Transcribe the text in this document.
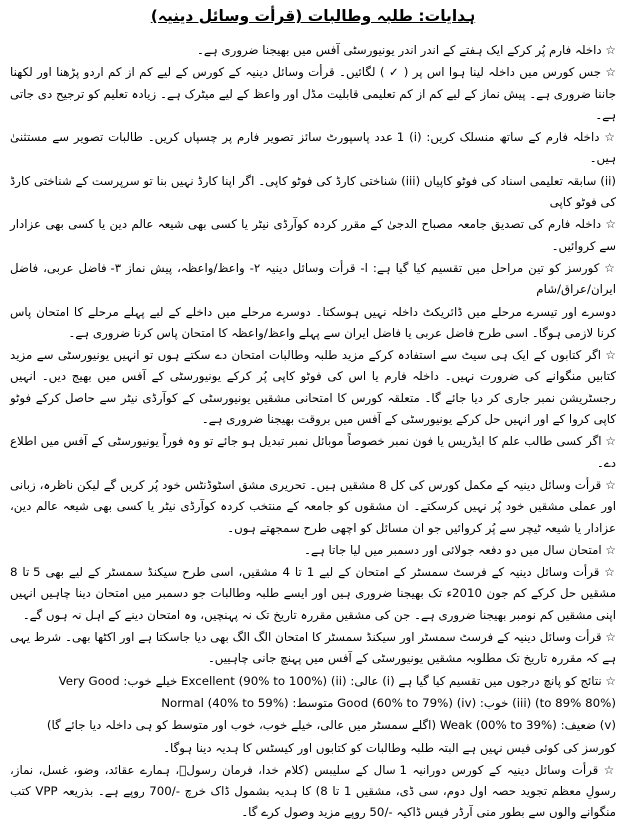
ہدایات: طلبہ وطالبات (قرأت وسائل دینیہ)

☆ داخلہ فارم پُر کرکے ایک ہفتے کے اندر اندر یونیورسٹی آفس میں بھیجنا ضروری ہے۔

☆ جس کورس میں داخلہ لینا ہوا اس پر ( ✓ ) لگائیں۔ قرأت وسائل دینیہ کے کورس کے لیے کم از کم اردو پڑھنا اور لکھنا جاننا ضروری ہے۔ پیش نماز کے لیے کم از کم تعلیمی قابلیت مڈل اور واعظ کے لیے میٹرک ہے۔ زیادہ تعلیم کو ترجیح دی جاتی ہے۔

☆ داخلہ فارم کے ساتھ منسلک کریں: (i) 1 عدد پاسپورٹ سائز تصویر فارم پر چسپاں کریں۔ طالبات تصویر سے مستثنیٰ ہیں۔

(ii) سابقہ تعلیمی اسناد کی فوٹو کاپیاں (iii) شناختی کارڈ کی فوٹو کاپی۔ اگر اپنا کارڈ نہیں بنا تو سرپرست کے شناختی کارڈ کی فوٹو کاپی

☆ داخلہ فارم کی تصدیق جامعہ مصباح الدجیٰ کے مقرر کردہ کوآرڈی نیٹر یا کسی بھی شیعہ عالم دین یا کسی بھی عزادار سے کروائیں۔

☆ کورسز کو تین مراحل میں تقسیم کیا گیا ہے: ا- قرأت وسائل دینیہ ۲- واعظ/واعظہ، پیش نماز ۳- فاضل عربی، فاضل ایران/عراق/شام

دوسرے اور تیسرے مرحلے میں ڈائریکٹ داخلہ نہیں ہوسکتا۔ دوسرے مرحلے میں داخلے کے لیے پہلے مرحلے کا امتحان پاس کرنا لازمی ہوگا۔ اسی طرح فاضل عربی یا فاضل ایران سے پہلے واعظ/واعظہ کا امتحان پاس کرنا ضروری ہے۔

☆ اگر کتابوں کے ایک ہی سیٹ سے استفادہ کرکے مزید طلبہ وطالبات امتحان دے سکتے ہوں تو انہیں یونیورسٹی سے مزید کتابیں منگوانے کی ضرورت نہیں۔ داخلہ فارم یا اس کی فوٹو کاپی پُر کرکے یونیورسٹی کے آفس میں بھیج دیں۔ انہیں رجسٹریشن نمبر جاری کر دیا جائے گا۔ متعلقہ کورس کا امتحانی مشقیں یونیورسٹی کے کوآرڈی نیٹر سے حاصل کرکے فوٹو کاپی کروا کے اور انہیں حل کرکے یونیورسٹی کے آفس میں بروقت بھیجنا ضروری ہے۔

☆ اگر کسی طالب علم کا ایڈریس یا فون نمبر خصوصاً موبائل نمبر تبدیل ہو جائے تو وہ فوراً یونیورسٹی کے آفس میں اطلاع دے۔

☆ قرأت وسائل دینیہ کے مکمل کورس کی کل 8 مشقیں ہیں۔ تحریری مشق اسٹوڈنٹس خود پُر کریں گے لیکن ناظرہ، زبانی اور عملی مشقیں خود پُر نہیں کرسکتے۔ ان مشقوں کو جامعہ کے منتخب کردہ کوآرڈی نیٹر یا کسی بھی شیعہ عالم دین، عزادار یا شیعہ ٹیچر سے پُر کروائیں جو ان مسائل کو اچھی طرح سمجھتے ہوں۔

☆ امتحان سال میں دو دفعہ جولائی اور دسمبر میں لیا جاتا ہے۔

☆ قرأت وسائل دینیہ کے فرسٹ سمسٹر کے امتحان کے لیے 1 تا 4 مشقیں، اسی طرح سیکنڈ سمسٹر کے لیے بھی 5 تا 8 مشقیں حل کرکے کم جون 2010ء تک بھیجنا ضروری ہیں اور ایسے طلبہ وطالبات جو دسمبر میں امتحان دینا چاہیں انہیں اپنی مشقیں کم نومبر بھیجنا ضروری ہے۔ جن کی مشقیں مقررہ تاریخ تک نہ پہنچیں، وہ امتحان دینے کے اہل نہ ہوں گے۔

☆ قرأت وسائل دینیہ کے فرسٹ سمسٹر اور سیکنڈ سمسٹر کا امتحان الگ الگ بھی دیا جاسکتا ہے اور اکٹھا بھی۔ شرط یہی ہے کہ مقررہ تاریخ تک مطلوبہ مشقیں یونیورسٹی کے آفس میں پہنچ جانی چاہییں۔

☆ نتائج کو پانچ درجوں میں تقسیم کیا گیا ہے (i) عالی: Excellent (90% to 100%) (ii) خیلے خوب: Very Good

(80% to 89%) (iii) خوب: Good (60% to 79%) (iv) متوسط: Normal (40% to 59%)

(v) ضعیف: Weak (00% to 39%) (اگلے سمسٹر میں عالی، خیلے خوب، خوب اور متوسط کو ہی داخلہ دیا جائے گا)

کورسز کی کوئی فیس نہیں ہے البتہ طلبہ وطالبات کو کتابوں اور کیسٹس کا ہدیہ دینا ہوگا۔

☆ قرأت وسائل دینیہ کے کورس دورانیہ 1 سال کے سلیبس (کلام خدا، فرمان رسولؐ، ہمارے عقائد، وضو، غسل، نماز، رسولِ معظم تجوید حصہ اول دوم، سی ڈی، مشقیں 1 تا 8) کا ہدیہ بشمول ڈاک خرچ -/700 روپے ہے۔ بذریعہ VPP کتب منگوانے والوں سے بطور منی آرڈر فیس ڈاکیہ -/50 روپے مزید وصول کرے گا۔
